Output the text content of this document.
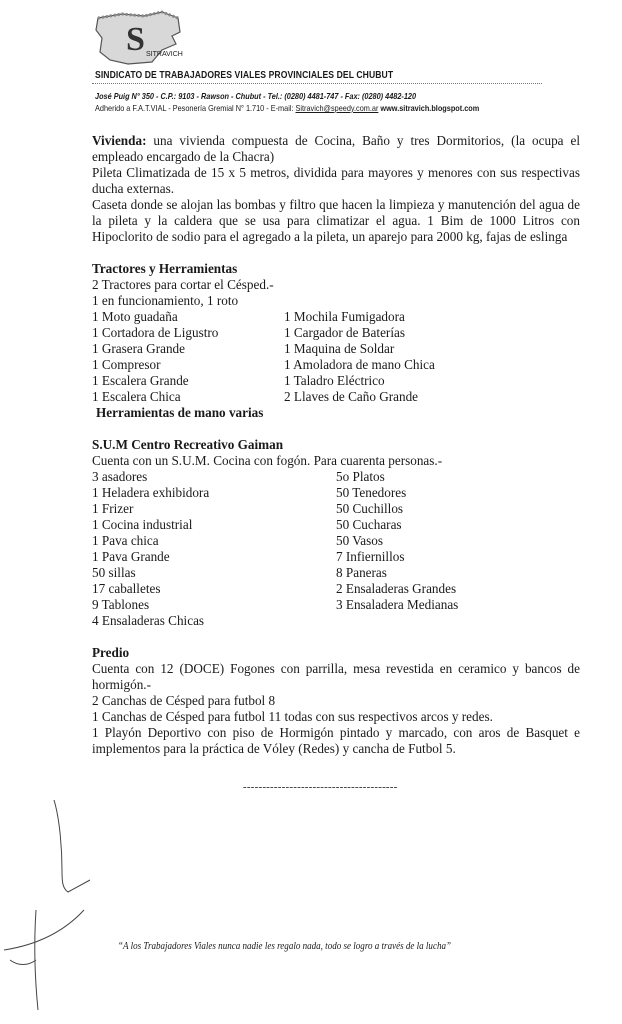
S SITRAVICH
SINDICATO DE TRABAJADORES VIALES PROVINCIALES DEL CHUBUT
José Puig N° 350 - C.P.: 9103 - Rawson - Chubut - Tel.: (0280) 4481-747 - Fax: (0280) 4482-120
Adherido a F.A.T.VIAL - Pesonería Gremial N° 1.710 - E-mail: Sitravich@speedy.com.ar www.sitravich.blogspot.com

Vivienda: una vivienda compuesta de Cocina, Baño y tres Dormitorios, (la ocupa el empleado encargado de la Chacra)

Pileta Climatizada de 15 x 5 metros, dividida para mayores y menores con sus respectivas ducha externas.

Caseta donde se alojan las bombas y filtro que hacen la limpieza y manutención del agua de la pileta y la caldera que se usa para climatizar el agua. 1 Bim de 1000 Litros con Hipoclorito de sodio para el agregado a la pileta, un aparejo para 2000 kg, fajas de eslinga

Tractores y Herramientas
2 Tractores para cortar el Césped.-
1 en funcionamiento, 1 roto
1 Moto guadaña	1 Mochila Fumigadora
1 Cortadora de Ligustro	1 Cargador de Baterías
1 Grasera Grande	1 Maquina de Soldar
1 Compresor	1 Amoladora de mano Chica
1 Escalera Grande	1 Taladro Eléctrico
1 Escalera Chica	2 Llaves de Caño Grande
Herramientas de mano varias
S.U.M Centro Recreativo Gaiman
Cuenta con un S.U.M. Cocina con fogón. Para cuarenta personas.-
3 asadores	5o Platos
1 Heladera exhibidora	50 Tenedores
1 Frizer	50 Cuchillos
1 Cocina industrial	50 Cucharas
1 Pava chica	50 Vasos
1 Pava Grande	7 Infiernillos
50 sillas	8 Paneras
17 caballetes	2 Ensaladeras Grandes
9 Tablones	3 Ensaladera Medianas
4 Ensaladeras Chicas
Predio

Cuenta con 12 (DOCE) Fogones con parrilla, mesa revestida en ceramico y bancos de hormigón.-

2 Canchas de Césped para futbol 8
1 Canchas de Césped para futbol 11 todas con sus respectivos arcos y redes.

1 Playón Deportivo con piso de Hormigón pintado y marcado, con aros de Basquet e implementos para la práctica de Vóley (Redes) y cancha de Futbol 5.

----------------------------------------
“A los Trabajadores Viales nunca nadie les regalo nada, todo se logro a través de la lucha”
